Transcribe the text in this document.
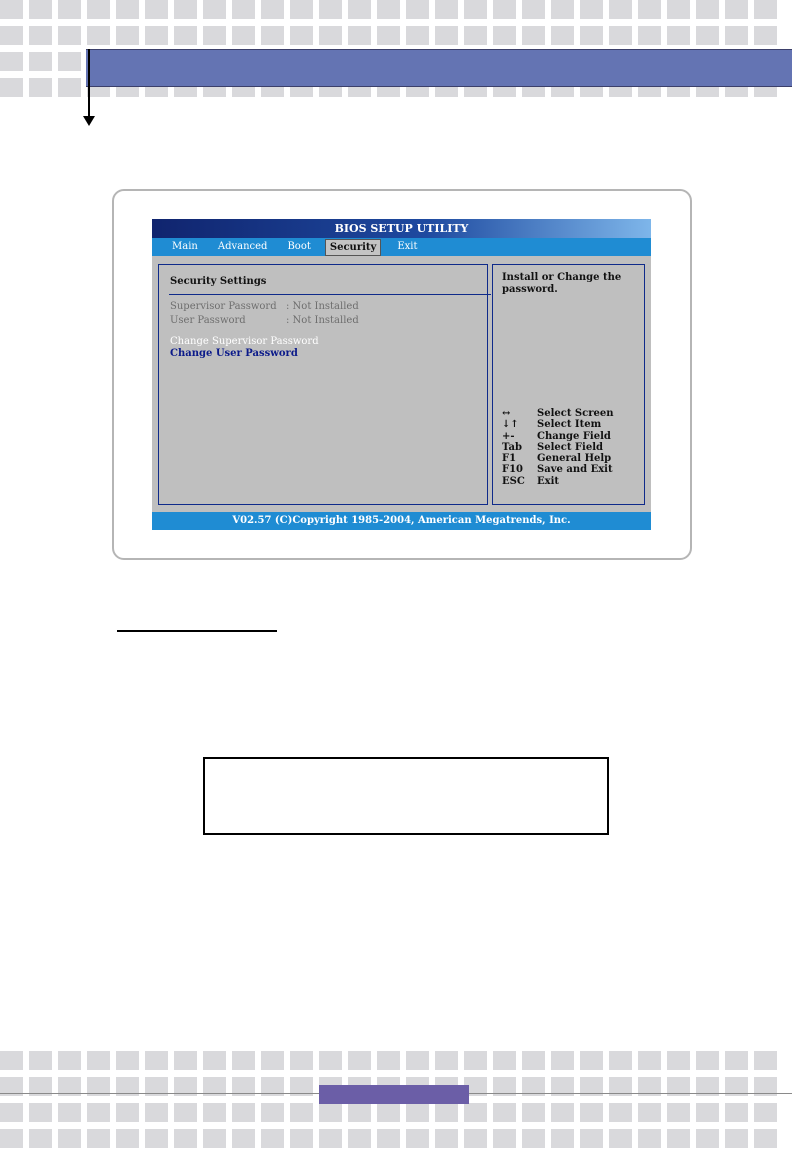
BIOS SETUP UTILITY
Main	Advanced	Boot	Security	Exit
Security Settings
Supervisor Password : Not Installed
User Password	: Not Installed
Change Supervisor Password
Change User Password
Install or Change the password.
↔	Select Screen
↓↑	Select Item
+-	Change Field
Tab	Select Field
F1	General Help
F10	Save and Exit
ESC	Exit
V02.57 (C)Copyright 1985-2004, American Megatrends, Inc.
